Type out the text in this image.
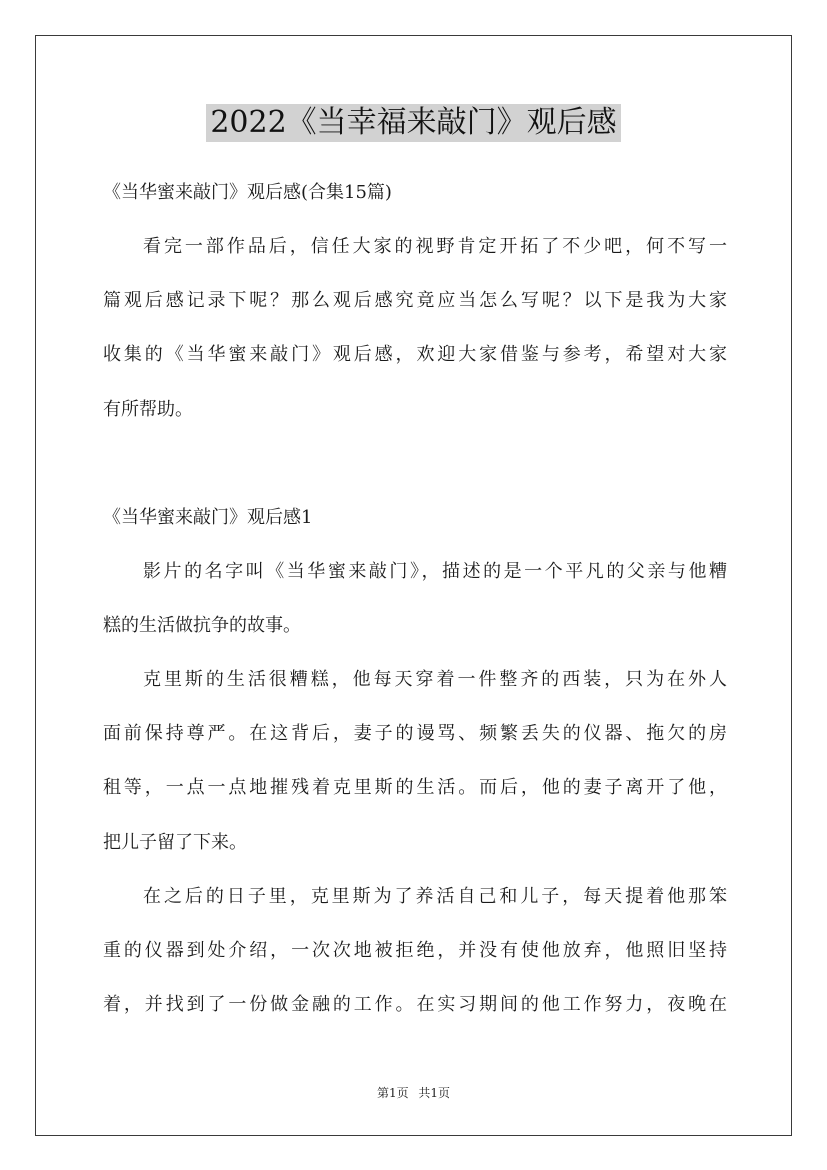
2022《当幸福来敲门》观后感
《当华蜜来敲门》观后感(合集15篇)
看完一部作品后，信任大家的视野肯定开拓了不少吧，何不写一
篇观后感记录下呢？那么观后感究竟应当怎么写呢？以下是我为大家
收集的《当华蜜来敲门》观后感，欢迎大家借鉴与参考，希望对大家
有所帮助。
《当华蜜来敲门》观后感1
影片的名字叫《当华蜜来敲门》，描述的是一个平凡的父亲与他糟
糕的生活做抗争的故事。
克里斯的生活很糟糕，他每天穿着一件整齐的西装，只为在外人
面前保持尊严。在这背后，妻子的谩骂、频繁丢失的仪器、拖欠的房
租等，一点一点地摧残着克里斯的生活。而后，他的妻子离开了他，
把儿子留了下来。
在之后的日子里，克里斯为了养活自己和儿子，每天提着他那笨
重的仪器到处介绍，一次次地被拒绝，并没有使他放弃，他照旧坚持
着，并找到了一份做金融的工作。在实习期间的他工作努力，夜晚在
第1页 共1页
